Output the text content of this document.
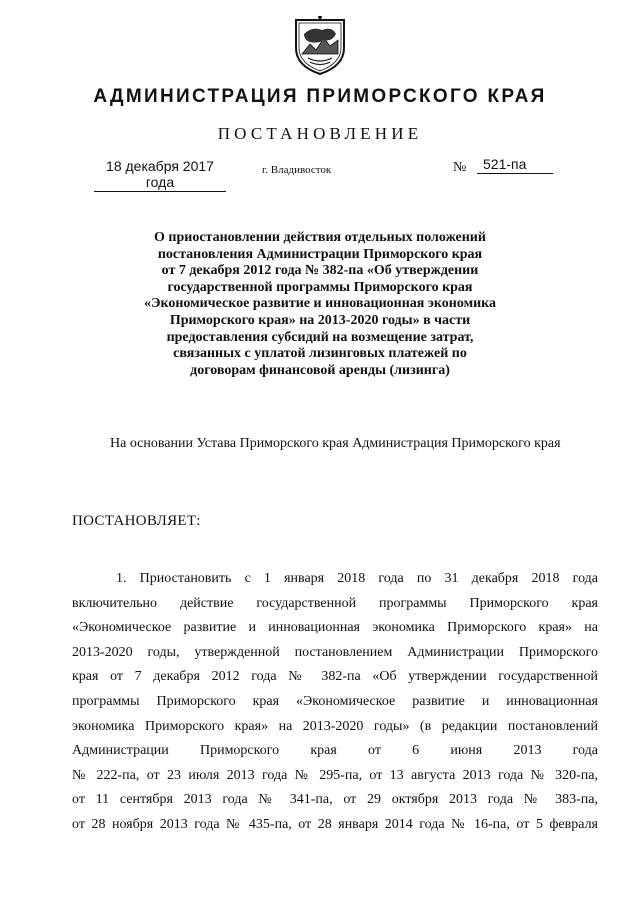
АДМИНИСТРАЦИЯ ПРИМОРСКОГО КРАЯ
ПОСТАНОВЛЕНИЕ
18 декабря 2017 года
г. Владивосток	№	521-па
О приостановлении действия отдельных положений
постановления Администрации Приморского края
от 7 декабря 2012 года № 382-па «Об утверждении
государственной программы Приморского края
«Экономическое развитие и инновационная экономика
Приморского края» на 2013-2020 годы» в части
предоставления субсидий на возмещение затрат,
связанных с уплатой лизинговых платежей по
договорам финансовой аренды (лизинга)
На основании Устава Приморского края Администрация Приморского края
ПОСТАНОВЛЯЕТ:
1. Приостановить с 1 января 2018 года по 31 декабря 2018 года
включительно действие государственной программы Приморского края
«Экономическое развитие и инновационная экономика Приморского края» на
2013-2020 годы, утвержденной постановлением Администрации Приморского
края от 7 декабря 2012 года № 382-па «Об утверждении государственной
программы Приморского края «Экономическое развитие и инновационная
экономика Приморского края» на 2013-2020 годы» (в редакции постановлений
Администрации Приморского края от 6 июня 2013 года
№ 222-па, от 23 июля 2013 года № 295-па, от 13 августа 2013 года № 320-па,
от 11 сентября 2013 года № 341-па, от 29 октября 2013 года № 383-па,
от 28 ноября 2013 года № 435-па, от 28 января 2014 года № 16-па, от 5 февраля
